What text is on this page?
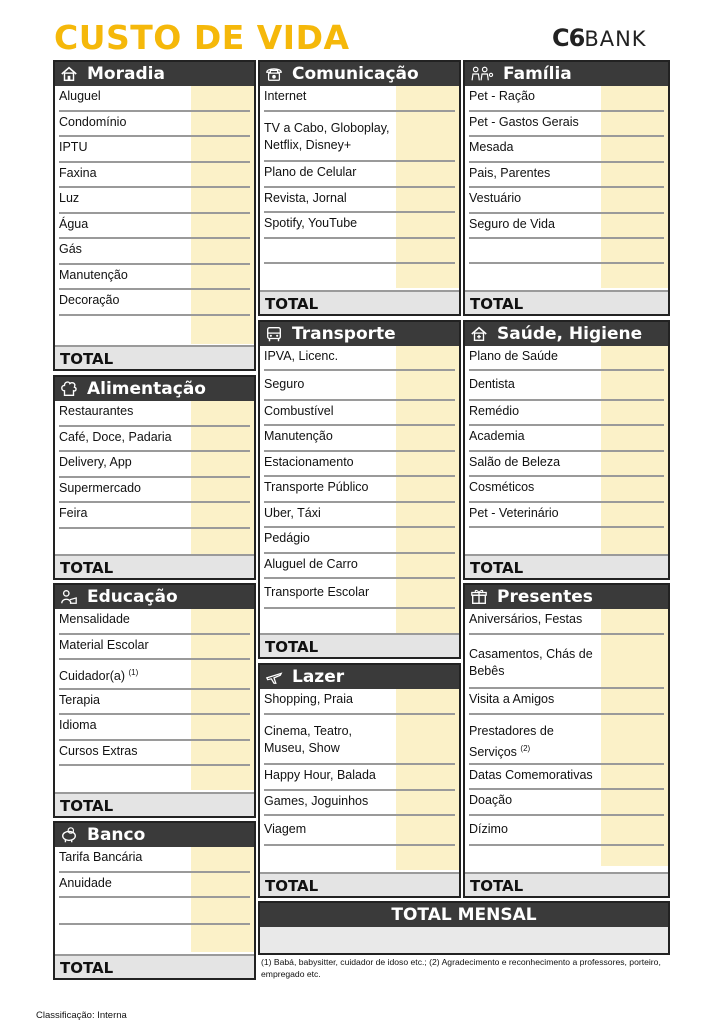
CUSTO DE VIDA	C6BANK
Moradia
Aluguel
Condomínio
IPTU
Faxina
Luz
Água
Gás
Manutenção
Decoração
TOTAL
Alimentação
Restaurantes
Café, Doce, Padaria
Delivery, App
Supermercado
Feira
TOTAL
Educação
Mensalidade
Material Escolar
Cuidador(a) $^{(1)}$
Terapia
Idioma
Cursos Extras
TOTAL
Banco
Tarifa Bancária
Anuidade
TOTAL
Comunicação
Internet
TV a Cabo, Globoplay, Netflix, Disney+
Plano de Celular
Revista, Jornal
Spotify, YouTube
TOTAL
Transporte
IPVA, Licenc.
Seguro
Combustível
Manutenção
Estacionamento
Transporte Público
Uber, Táxi
Pedágio
Aluguel de Carro
Transporte Escolar
TOTAL
Lazer
Shopping, Praia
Cinema, Teatro, Museu, Show
Happy Hour, Balada
Games, Joguinhos
Viagem
TOTAL
Família
Pet - Ração
Pet - Gastos Gerais
Mesada
Pais, Parentes
Vestuário
Seguro de Vida
TOTAL
Saúde, Higiene
Plano de Saúde
Dentista
Remédio
Academia
Salão de Beleza
Cosméticos
Pet - Veterinário
TOTAL
Presentes
Aniversários, Festas
Casamentos, Chás de Bebês
Visita a Amigos
Prestadores de Serviços $^{(2)}$
Datas Comemorativas
Doação
Dízimo
TOTAL
TOTAL MENSAL
(1) Babá, babysitter, cuidador de idoso etc.; (2) Agradecimento e reconhecimento a professores, porteiro, empregado etc.
Classificação: Interna
